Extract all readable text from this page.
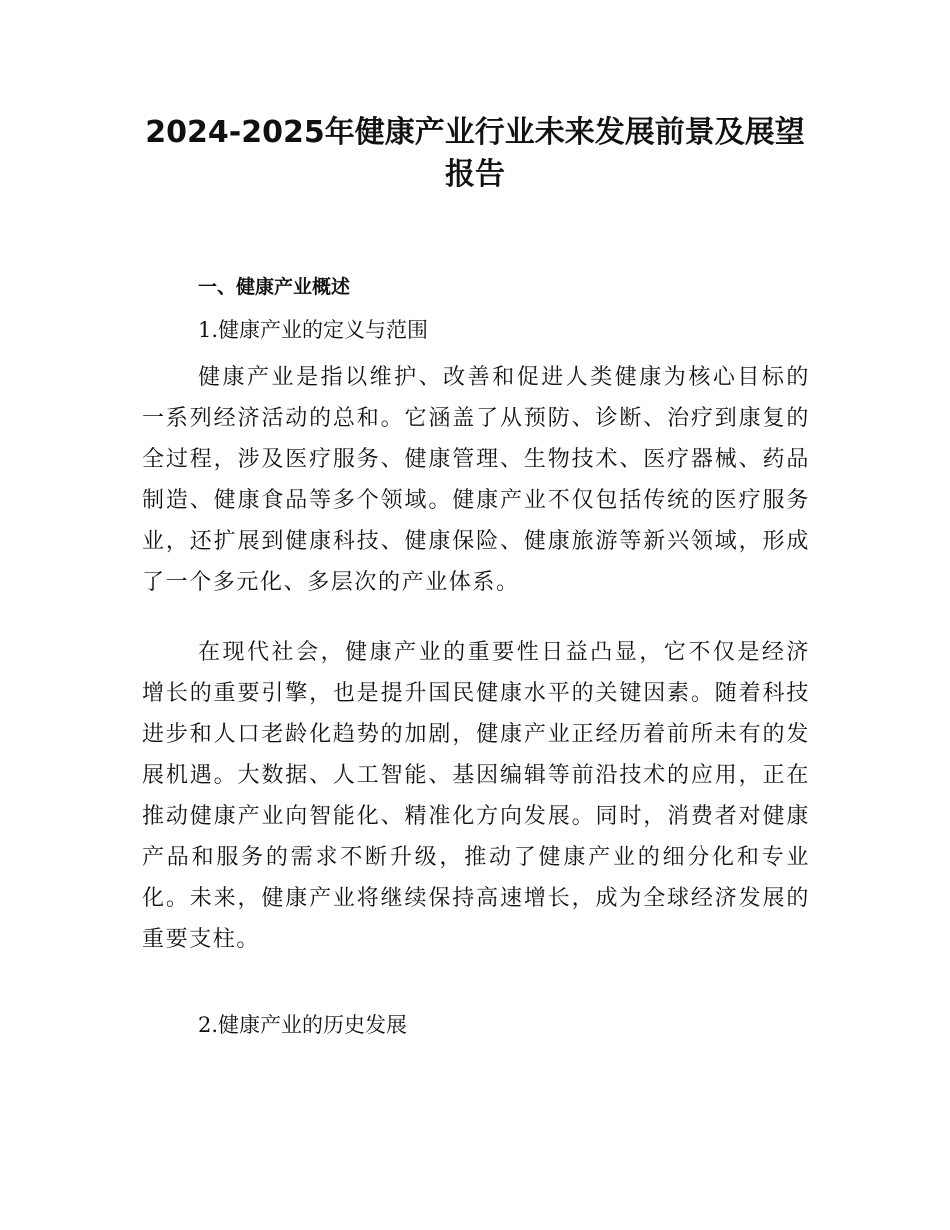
2024-2025年健康产业行业未来发展前景及展望
报告
一、健康产业概述
1.健康产业的定义与范围

健康产业是指以维护、改善和促进人类健康为核心目标的一系列经济活动的总和。它涵盖了从预防、诊断、治疗到康复的全过程，涉及医疗服务、健康管理、生物技术、医疗器械、药品制造、健康食品等多个领域。健康产业不仅包括传统的医疗服务业，还扩展到健康科技、健康保险、健康旅游等新兴领域，形成了一个多元化、多层次的产业体系。

在现代社会，健康产业的重要性日益凸显，它不仅是经济增长的重要引擎，也是提升国民健康水平的关键因素。随着科技进步和人口老龄化趋势的加剧，健康产业正经历着前所未有的发展机遇。大数据、人工智能、基因编辑等前沿技术的应用，正在推动健康产业向智能化、精准化方向发展。同时，消费者对健康产品和服务的需求不断升级，推动了健康产业的细分化和专业化。未来，健康产业将继续保持高速增长，成为全球经济发展的重要支柱。

2.健康产业的历史发展
